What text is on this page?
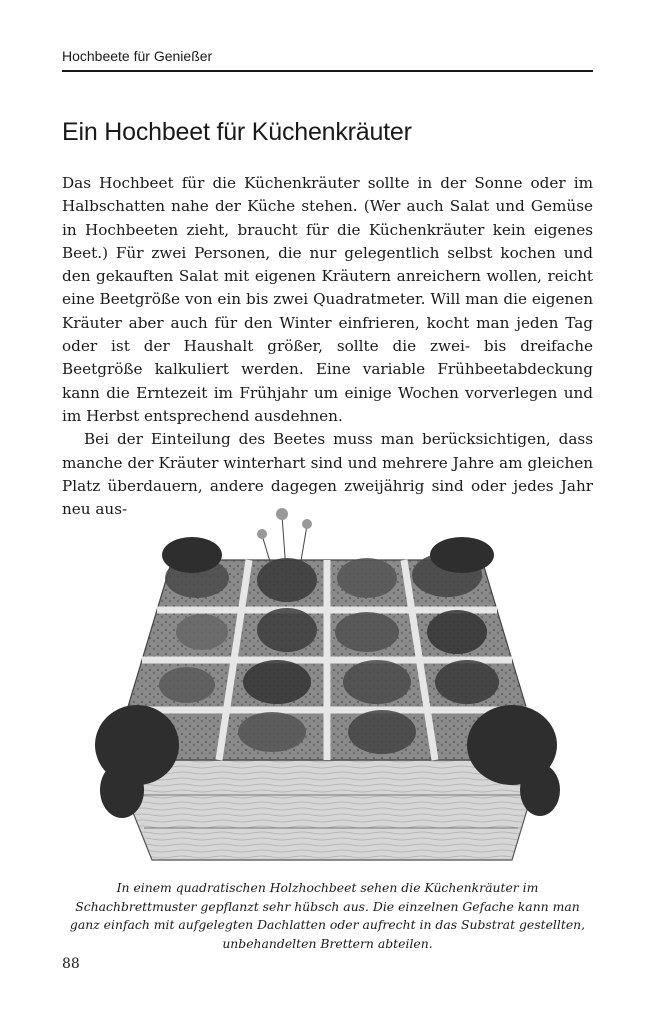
Hochbeete für Genießer
Ein Hochbeet für Küchenkräuter

Das Hochbeet für die Küchenkräuter sollte in der Sonne oder im Halbschatten nahe der Küche stehen. (Wer auch Salat und Gemüse in Hochbeeten zieht, braucht für die Küchenkräuter kein eigenes Beet.) Für zwei Personen, die nur gelegentlich selbst kochen und den gekauften Salat mit eigenen Kräutern anreichern wollen, reicht eine Beetgröße von ein bis zwei Quadratmeter. Will man die eigenen Kräuter aber auch für den Winter einfrieren, kocht man jeden Tag oder ist der Haushalt größer, sollte die zwei- bis dreifache Beetgröße kalkuliert werden. Eine variable Frühbeetabdeckung kann die Erntezeit im Frühjahr um einige Wochen vorverlegen und im Herbst entsprechend ausdehnen.

Bei der Einteilung des Beetes muss man berücksichtigen, dass manche der Kräuter winterhart sind und mehrere Jahre am gleichen Platz überdauern, andere dagegen zweijährig sind oder jedes Jahr neu aus-

In einem quadratischen Holzhochbeet sehen die Küchenkräuter im Schachbrettmuster gepflanzt sehr hübsch aus. Die einzelnen Gefache kann man ganz einfach mit aufgelegten Dachlatten oder aufrecht in das Substrat gestellten, unbehandelten Brettern abteilen.
88
